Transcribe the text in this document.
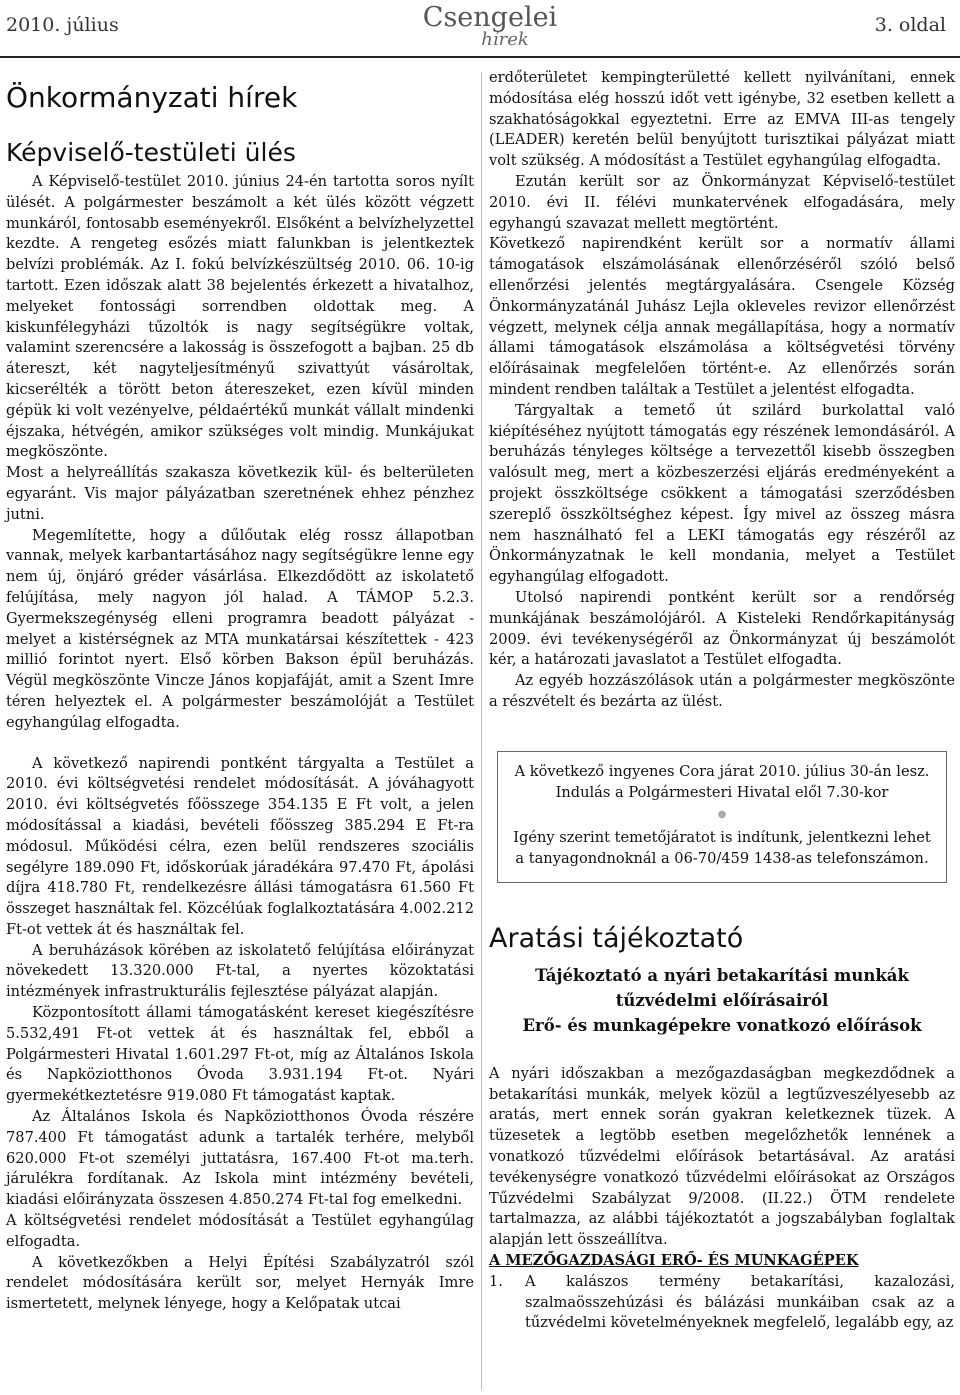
2010. július	Csengelei
hírek
3. oldal
Önkormányzati hírek
Képviselő-testületi ülés

A Képviselő-testület 2010. június 24-én tartotta soros nyílt ülését. A polgármester beszámolt a két ülés között végzett munkáról, fontosabb eseményekről. Elsőként a belvízhelyzettel kezdte. A rengeteg esőzés miatt falunkban is jelentkeztek belvízi problémák. Az I. fokú belvízkészültség 2010. 06. 10-ig tartott. Ezen időszak alatt 38 bejelentés érkezett a hivatalhoz, melyeket fontossági sorrendben oldottak meg. A kiskunfélegyházi tűzoltók is nagy segítségükre voltak, valamint szerencsére a lakosság is összefogott a bajban. 25 db átereszt, két nagyteljesítményű szivattyút vásároltak, kicserélték a törött beton átereszeket, ezen kívül minden gépük ki volt vezényelve, példaértékű munkát vállalt mindenki éjszaka, hétvégén, amikor szükséges volt mindig. Munkájukat megköszönte.

Most a helyreállítás szakasza következik kül- és belterületen egyaránt. Vis major pályázatban szeretnének ehhez pénzhez jutni.

Megemlítette, hogy a dűlőutak elég rossz állapotban vannak, melyek karbantartásához nagy segítségükre lenne egy nem új, önjáró gréder vásárlása. Elkezdődött az iskolatető felújítása, mely nagyon jól halad. A TÁMOP 5.2.3. Gyermekszegénység elleni programra beadott pályázat - melyet a kistérségnek az MTA munkatársai készítettek - 423 millió forintot nyert. Első körben Bakson épül beruházás. Végül megköszönte Vincze János kopjafáját, amit a Szent Imre téren helyeztek el. A polgármester beszámolóját a Testület egyhangúlag elfogadta.

A következő napirendi pontként tárgyalta a Testület a 2010. évi költségvetési rendelet módosítását. A jóváhagyott 2010. évi költségvetés főösszege 354.135 E Ft volt, a jelen módosítással a kiadási, bevételi főösszeg 385.294 E Ft-ra módosul. Működési célra, ezen belül rendszeres szociális segélyre 189.090 Ft, időskorúak járadékára 97.470 Ft, ápolási díjra 418.780 Ft, rendelkezésre állási támogatásra 61.560 Ft összeget használtak fel. Közcélúak foglalkoztatására 4.002.212 Ft-ot vettek át és használtak fel.

A beruházások körében az iskolatető felújítása előirányzat növekedett 13.320.000 Ft-tal, a nyertes közoktatási intézmények infrastrukturális fejlesztése pályázat alapján.

Központosított állami támogatásként kereset kiegészítésre 5.532,491 Ft-ot vettek át és használtak fel, ebből a Polgármesteri Hivatal 1.601.297 Ft-ot, míg az Általános Iskola és Napköziotthonos Óvoda 3.931.194 Ft-ot. Nyári gyermekétkeztetésre 919.080 Ft támogatást kaptak.

Az Általános Iskola és Napköziotthonos Óvoda részére 787.400 Ft támogatást adunk a tartalék terhére, melyből 620.000 Ft-ot személyi juttatásra, 167.400 Ft-ot ma.terh. járulékra fordítanak. Az Iskola mint intézmény bevételi, kiadási előirányzata összesen 4.850.274 Ft-tal fog emelkedni.

A költségvetési rendelet módosítását a Testület egyhangúlag elfogadta.

A következőkben a Helyi Építési Szabályzatról szól rendelet módosítására került sor, melyet Hernyák Imre ismertetett, melynek lényege, hogy a Kelőpatak utcai

erdőterületet kempingterületté kellett nyilvánítani, ennek módosítása elég hosszú időt vett igénybe, 32 esetben kellett a szakhatóságokkal egyeztetni. Erre az EMVA III-as tengely (LEADER) keretén belül benyújtott turisztikai pályázat miatt volt szükség. A módosítást a Testület egyhangúlag elfogadta.

Ezután került sor az Önkormányzat Képviselő-testület 2010. évi II. félévi munkatervének elfogadására, mely egyhangú szavazat mellett megtörtént.

Következő napirendként került sor a normatív állami támogatások elszámolásának ellenőrzéséről szóló belső ellenőrzési jelentés megtárgyalására. Csengele Község Önkormányzatánál Juhász Lejla okleveles revizor ellenőrzést végzett, melynek célja annak megállapítása, hogy a normatív állami támogatások elszámolása a költségvetési törvény előírásainak megfelelően történt-e. Az ellenőrzés során mindent rendben találtak a Testület a jelentést elfogadta.

Tárgyaltak a temető út szilárd burkolattal való kiépítéséhez nyújtott támogatás egy részének lemondásáról. A beruházás tényleges költsége a tervezettől kisebb összegben valósult meg, mert a közbeszerzési eljárás eredményeként a projekt összköltsége csökkent a támogatási szerződésben szereplő összköltséghez képest. Így mivel az összeg másra nem használható fel a LEKI támogatás egy részéről az Önkormányzatnak le kell mondania, melyet a Testület egyhangúlag elfogadott.

Utolsó napirendi pontként került sor a rendőrség munkájának beszámolójáról. A Kisteleki Rendőrkapitányság 2009. évi tevékenységéről az Önkormányzat új beszámolót kér, a határozati javaslatot a Testület elfogadta.

Az egyéb hozzászólások után a polgármester megköszönte a részvételt és bezárta az ülést.

A következő ingyenes Cora járat 2010. július 30-án lesz. Indulás a Polgármesteri Hivatal elől 7.30-kor

●

Igény szerint temetőjáratot is indítunk, jelentkezni lehet a tanyagondnoknál a 06-70/459 1438-as telefonszámon.

Aratási tájékoztató
Tájékoztató a nyári betakarítási munkák
tűzvédelmi előírásairól
Erő- és munkagépekre vonatkozó előírások

A nyári időszakban a mezőgazdaságban megkezdődnek a betakarítási munkák, melyek közül a legtűzveszélyesebb az aratás, mert ennek során gyakran keletkeznek tüzek. A tüzesetek a legtöbb esetben megelőzhetők lennének a vonatkozó tűzvédelmi előírások betartásával. Az aratási tevékenységre vonatkozó tűzvédelmi előírásokat az Országos Tűzvédelmi Szabályzat 9/2008. (II.22.) ÖTM rendelete tartalmazza, az alábbi tájékoztatót a jogszabályban foglaltak alapján lett összeállítva.

A MEZŐGAZDASÁGI ERŐ- ÉS MUNKAGÉPEK

1.	A kalászos termény betakarítási, kazalozási, szalmaösszehúzási és bálázási munkáiban csak az a tűzvédelmi követelményeknek megfelelő, legalább egy, az
